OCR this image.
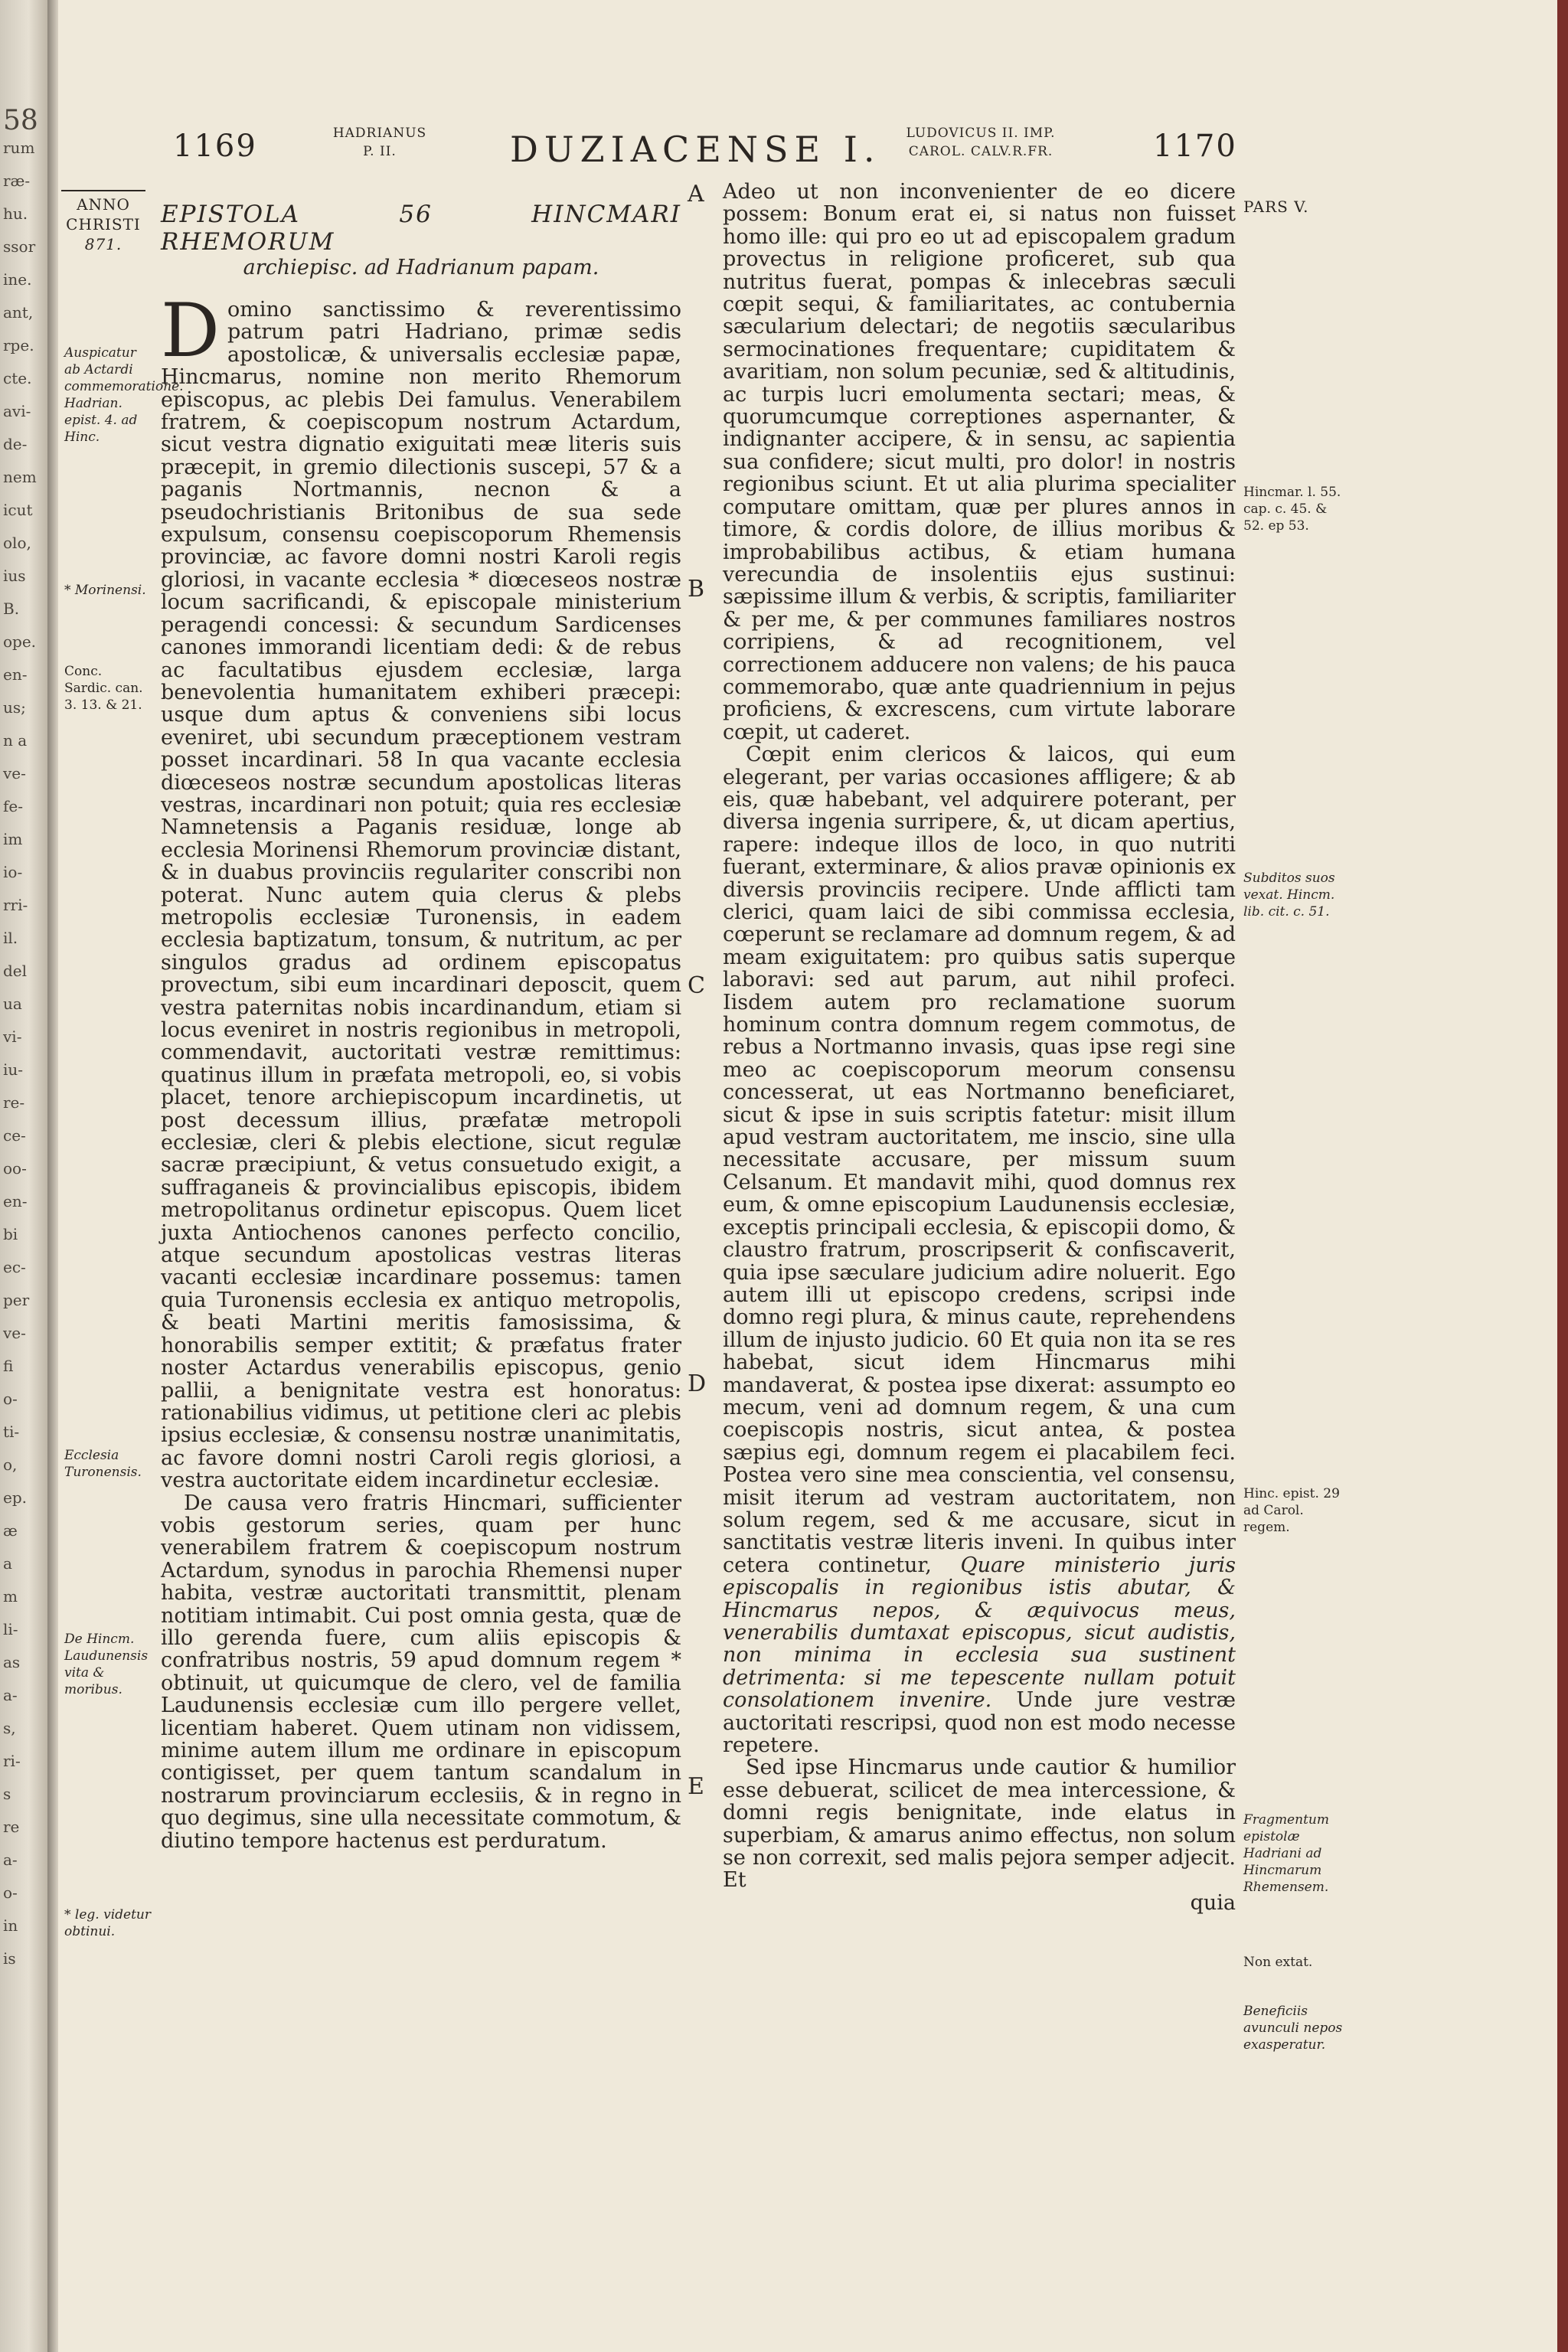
58
rum
ræ-
hu.
ssor
ine.
ant,
rpe.
cte.
avi-
de-
nem
icut
olo,
ius
B.
ope.
en-
us;
n a
ve-
fe-
im
io-
rri-
il.
del
ua
vi-
iu-
re-
ce-
oo-
en-
bi
ec-
per
ve-
fi
o-
ti-
o,
ep.
æ
a
m
li-
as
a-
s,
ri-
s
re
a-
o-
in
is
1169	HADRIANUS
P. II.	DUZIACENSE I.	LUDOVICUS II. IMP.
CAROL. CALV.R.FR.	1170
ANNO
CHRISTI
871.
PARS V.
A
B
C
D
E
EPISTOLA 56 HINCMARI RHEMORUM
archiepisc. ad Hadrianum papam.

Domino sanctissimo & reverentissimo patrum patri Hadriano, primæ sedis apostolicæ, & universalis ecclesiæ papæ, Hincmarus, nomine non merito Rhemorum episcopus, ac plebis Dei famulus. Venerabilem fratrem, & coepiscopum nostrum Actardum, sicut vestra dignatio exiguitati meæ literis suis præcepit, in gremio dilectionis suscepi, 57 & a paganis Nortmannis, necnon & a pseudochristianis Britonibus de sua sede expulsum, consensu coepiscoporum Rhemensis provinciæ, ac favore domni nostri Karoli regis gloriosi, in vacante ecclesia * diœceseos nostræ locum sacrificandi, & episcopale ministerium peragendi concessi: & secundum Sardicenses canones immorandi licentiam dedi: & de rebus ac facultatibus ejusdem ecclesiæ, larga benevolentia humanitatem exhiberi præcepi: usque dum aptus & conveniens sibi locus eveniret, ubi secundum præceptionem vestram posset incardinari. 58 In qua vacante ecclesia diœceseos nostræ secundum apostolicas literas vestras, incardinari non potuit; quia res ecclesiæ Namnetensis a Paganis residuæ, longe ab ecclesia Morinensi Rhemorum provinciæ distant, & in duabus provinciis regulariter conscribi non poterat. Nunc autem quia clerus & plebs metropolis ecclesiæ Turonensis, in eadem ecclesia baptizatum, tonsum, & nutritum, ac per singulos gradus ad ordinem episcopatus provectum, sibi eum incardinari deposcit, quem vestra paternitas nobis incardinandum, etiam si locus eveniret in nostris regionibus in metropoli, commendavit, auctoritati vestræ remittimus: quatinus illum in præfata metropoli, eo, si vobis placet, tenore archiepiscopum incardinetis, ut post decessum illius, præfatæ metropoli ecclesiæ, cleri & plebis electione, sicut regulæ sacræ præcipiunt, & vetus consuetudo exigit, a suffraganeis & provincialibus episcopis, ibidem metropolitanus ordinetur episcopus. Quem licet juxta Antiochenos canones perfecto concilio, atque secundum apostolicas vestras literas vacanti ecclesiæ incardinare possemus: tamen quia Turonensis ecclesia ex antiquo metropolis, & beati Martini meritis famosissima, & honorabilis semper extitit; & præfatus frater noster Actardus venerabilis episcopus, genio pallii, a benignitate vestra est honoratus: rationabilius vidimus, ut petitione cleri ac plebis ipsius ecclesiæ, & consensu nostræ unanimitatis, ac favore domni nostri Caroli regis gloriosi, a vestra auctoritate eidem incardinetur ecclesiæ.

De causa vero fratris Hincmari, sufficienter vobis gestorum series, quam per hunc venerabilem fratrem & coepiscopum nostrum Actardum, synodus in parochia Rhemensi nuper habita, vestræ auctoritati transmittit, plenam notitiam intimabit. Cui post omnia gesta, quæ de illo gerenda fuere, cum aliis episcopis & confratribus nostris, 59 apud domnum regem * obtinuit, ut quicumque de clero, vel de familia Laudunensis ecclesiæ cum illo pergere vellet, licentiam haberet. Quem utinam non vidissem, minime autem illum me ordinare in episcopum contigisset, per quem tantum scandalum in nostrarum provinciarum ecclesiis, & in regno in quo degimus, sine ulla necessitate commotum, & diutino tempore hactenus est perduratum.

Adeo ut non inconvenienter de eo dicere possem: Bonum erat ei, si natus non fuisset homo ille: qui pro eo ut ad episcopalem gradum provectus in religione proficeret, sub qua nutritus fuerat, pompas & inlecebras sæculi cœpit sequi, & familiaritates, ac contubernia sæcularium delectari; de negotiis sæcularibus sermocinationes frequentare; cupiditatem & avaritiam, non solum pecuniæ, sed & altitudinis, ac turpis lucri emolumenta sectari; meas, & quorumcumque correptiones aspernanter, & indignanter accipere, & in sensu, ac sapientia sua confidere; sicut multi, pro dolor! in nostris regionibus sciunt. Et ut alia plurima specialiter computare omittam, quæ per plures annos in timore, & cordis dolore, de illius moribus & improbabilibus actibus, & etiam humana verecundia de insolentiis ejus sustinui: sæpissime illum & verbis, & scriptis, familiariter & per me, & per communes familiares nostros corripiens, & ad recognitionem, vel correctionem adducere non valens; de his pauca commemorabo, quæ ante quadriennium in pejus proficiens, & excrescens, cum virtute laborare cœpit, ut caderet.

Cœpit enim clericos & laicos, qui eum elegerant, per varias occasiones affligere; & ab eis, quæ habebant, vel adquirere poterant, per diversa ingenia surripere, &, ut dicam apertius, rapere: indeque illos de loco, in quo nutriti fuerant, exterminare, & alios pravæ opinionis ex diversis provinciis recipere. Unde afflicti tam clerici, quam laici de sibi commissa ecclesia, cœperunt se reclamare ad domnum regem, & ad meam exiguitatem: pro quibus satis superque laboravi: sed aut parum, aut nihil profeci. Iisdem autem pro reclamatione suorum hominum contra domnum regem commotus, de rebus a Nortmanno invasis, quas ipse regi sine meo ac coepiscoporum meorum consensu concesserat, ut eas Nortmanno beneficiaret, sicut & ipse in suis scriptis fatetur: misit illum apud vestram auctoritatem, me inscio, sine ulla necessitate accusare, per missum suum Celsanum. Et mandavit mihi, quod domnus rex eum, & omne episcopium Laudunensis ecclesiæ, exceptis principali ecclesia, & episcopii domo, & claustro fratrum, proscripserit & confiscaverit, quia ipse sæculare judicium adire noluerit. Ego autem illi ut episcopo credens, scripsi inde domno regi plura, & minus caute, reprehendens illum de injusto judicio. 60 Et quia non ita se res habebat, sicut idem Hincmarus mihi mandaverat, & postea ipse dixerat: assumpto eo mecum, veni ad domnum regem, & una cum coepiscopis nostris, sicut antea, & postea sæpius egi, domnum regem ei placabilem feci. Postea vero sine mea conscientia, vel consensu, misit iterum ad vestram auctoritatem, non solum regem, sed & me accusare, sicut in sanctitatis vestræ literis inveni. In quibus inter cetera continetur, Quare ministerio juris episcopalis in regionibus istis abutar, & Hincmarus nepos, & æquivocus meus, venerabilis dumtaxat episcopus, sicut audistis, non minima in ecclesia sua sustinent detrimenta: si me tepescente nullam potuit consolationem invenire. Unde jure vestræ auctoritati rescripsi, quod non est modo necesse repetere.

Sed ipse Hincmarus unde cautior & humilior esse debuerat, scilicet de mea intercessione, & domni regis benignitate, inde elatus in superbiam, & amarus animo effectus, non solum se non correxit, sed malis pejora semper adjecit. Et

quia
Auspicatur ab Actardi commemoratione. Hadrian. epist. 4. ad Hinc.
* Morinensi.
Conc. Sardic. can. 3. 13. & 21.
Ecclesia Turonensis.
De Hincm. Laudunensis vita & moribus.
* leg. videtur obtinui.
Hincmar. l. 55. cap. c. 45. & 52. ep 53.
Subditos suos vexat. Hincm. lib. cit. c. 51.
Hinc. epist. 29 ad Carol. regem.
Fragmentum epistolæ Hadriani ad Hincmarum Rhemensem.
Non extat.
Beneficiis avunculi nepos exasperatur.
